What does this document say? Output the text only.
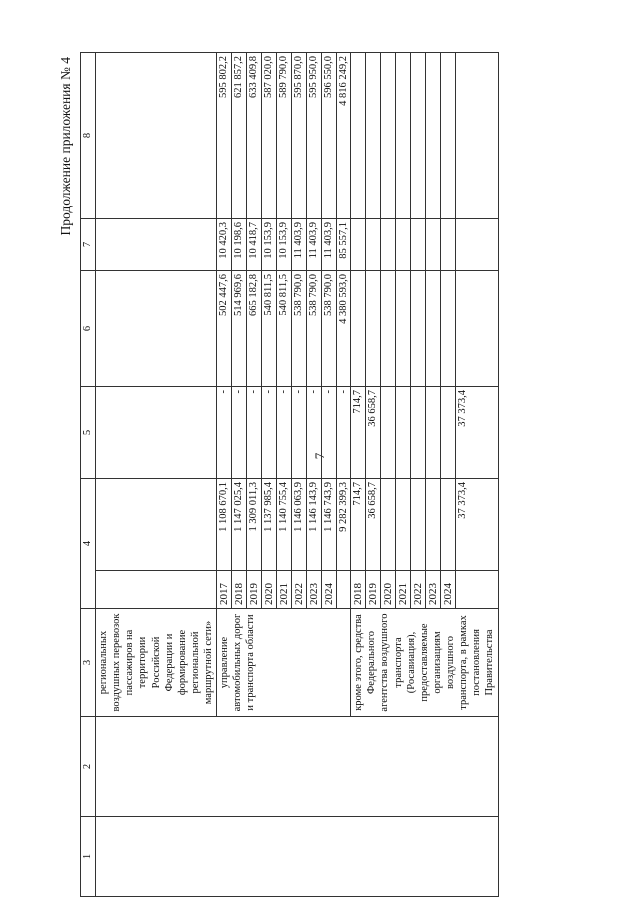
7
Продолжение приложения № 4
1	2	3	4		5	6	7	8
		региональных воздушных перевозок пассажиров на территории Российской Федерации и формирование региональной маршрутной сети»						
		управление автомобильных дорог и транспорта области	2017	1 108 670,1	-	502 447,6	10 420,3	595 802,2
			2018	1 147 025,4	-	514 969,6	10 198,6	621 857,2
			2019	1 309 011,3	-	665 182,8	10 418,7	633 409,8
			2020	1 137 985,4	-	540 811,5	10 153,9	587 020,0
			2021	1 140 755,4	-	540 811,5	10 153,9	589 790,0
			2022	1 146 063,9	-	538 790,0	11 403,9	595 870,0
			2023	1 146 143,9	-	538 790,0	11 403,9	595 950,0
			2024	1 146 743,9	-	538 790,0	11 403,9	596 550,0
				9 282 399,3	-	4 380 593,0	85 557,1	4 816 249,2
		кроме этого, средства Федерального агентства воздушного транспорта (Росавиация), предоставляемые организациям воздушного транспорта, в рамках постановления Правительства	2018	714,7	714,7			
			2019	36 658,7	36 658,7			
			2020					
			2021					
			2022					
			2023					
			2024					
				37 373,4	37 373,4			
